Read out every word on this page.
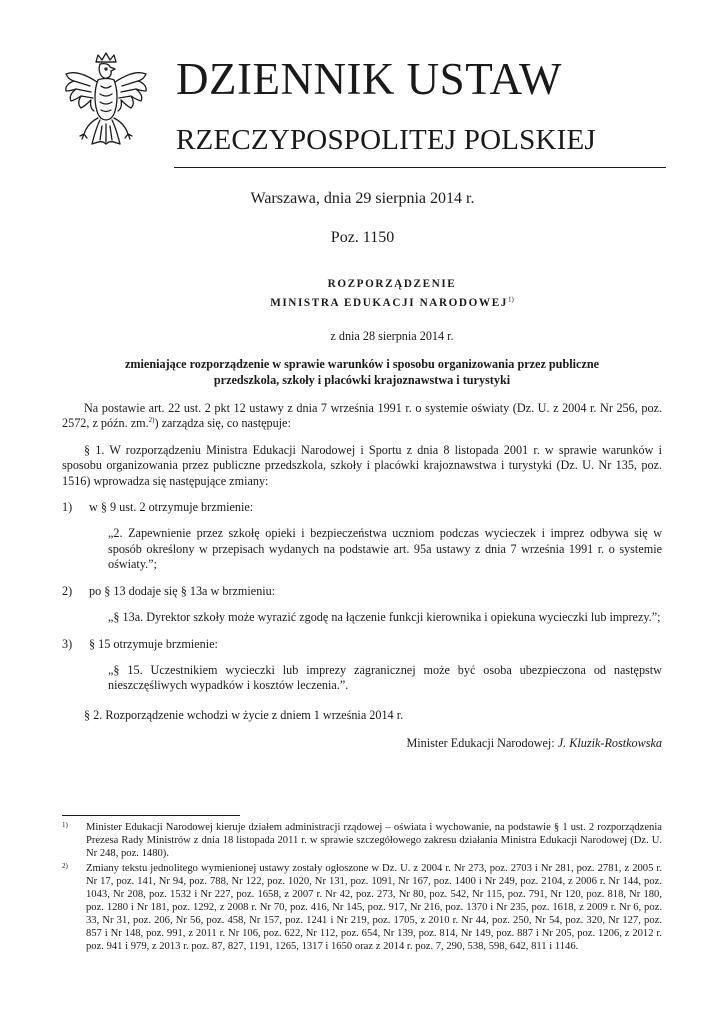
DZIENNIK USTAW
RZECZYPOSPOLITEJ POLSKIEJ
Warszawa, dnia 29 sierpnia 2014 r.
Poz. 1150
ROZPORZĄDZENIE
MINISTRA EDUKACJI NARODOWEJ$^{1)}$
z dnia 28 sierpnia 2014 r.
zmieniające rozporządzenie w sprawie warunków i sposobu organizowania przez publiczne przedszkola, szkoły i placówki krajoznawstwa i turystyki

Na postawie art. 22 ust. 2 pkt 12 ustawy z dnia 7 września 1991 r. o systemie oświaty (Dz. U. z 2004 r. Nr 256, poz. 2572, z późn. zm.$^{2)}$) zarządza się, co następuje:

§ 1. W rozporządzeniu Ministra Edukacji Narodowej i Sportu z dnia 8 listopada 2001 r. w sprawie warunków i sposobu organizowania przez publiczne przedszkola, szkoły i placówki krajoznawstwa i turystyki (Dz. U. Nr 135, poz. 1516) wprowadza się następujące zmiany:

1) w § 9 ust. 2 otrzymuje brzmienie:

„2. Zapewnienie przez szkołę opieki i bezpieczeństwa uczniom podczas wycieczek i imprez odbywa się w sposób określony w przepisach wydanych na podstawie art. 95a ustawy z dnia 7 września 1991 r. o systemie oświaty.”;

2) po § 13 dodaje się § 13a w brzmieniu:

„§ 13a. Dyrektor szkoły może wyrazić zgodę na łączenie funkcji kierownika i opiekuna wycieczki lub imprezy.”;

3) § 15 otrzymuje brzmienie:

„§ 15. Uczestnikiem wycieczki lub imprezy zagranicznej może być osoba ubezpieczona od następstw nieszczęśliwych wypadków i kosztów leczenia.”.

§ 2. Rozporządzenie wchodzi w życie z dniem 1 września 2014 r.

Minister Edukacji Narodowej: J. Kluzik-Rostkowska

1) Minister Edukacji Narodowej kieruje działem administracji rządowej – oświata i wychowanie, na podstawie § 1 ust. 2 rozporządzenia Prezesa Rady Ministrów z dnia 18 listopada 2011 r. w sprawie szczegółowego zakresu działania Ministra Edukacji Narodowej (Dz. U. Nr 248, poz. 1480).
2) Zmiany tekstu jednolitego wymienionej ustawy zostały ogłoszone w Dz. U. z 2004 r. Nr 273, poz. 2703 i Nr 281, poz. 2781, z 2005 r. Nr 17, poz. 141, Nr 94, poz. 788, Nr 122, poz. 1020, Nr 131, poz. 1091, Nr 167, poz. 1400 i Nr 249, poz. 2104, z 2006 r. Nr 144, poz. 1043, Nr 208, poz. 1532 i Nr 227, poz. 1658, z 2007 r. Nr 42, poz. 273, Nr 80, poz. 542, Nr 115, poz. 791, Nr 120, poz. 818, Nr 180, poz. 1280 i Nr 181, poz. 1292, z 2008 r. Nr 70, poz. 416, Nr 145, poz. 917, Nr 216, poz. 1370 i Nr 235, poz. 1618, z 2009 r. Nr 6, poz. 33, Nr 31, poz. 206, Nr 56, poz. 458, Nr 157, poz. 1241 i Nr 219, poz. 1705, z 2010 r. Nr 44, poz. 250, Nr 54, poz. 320, Nr 127, poz. 857 i Nr 148, poz. 991, z 2011 r. Nr 106, poz. 622, Nr 112, poz. 654, Nr 139, poz. 814, Nr 149, poz. 887 i Nr 205, poz. 1206, z 2012 r. poz. 941 i 979, z 2013 r. poz. 87, 827, 1191, 1265, 1317 i 1650 oraz z 2014 r. poz. 7, 290, 538, 598, 642, 811 i 1146.
